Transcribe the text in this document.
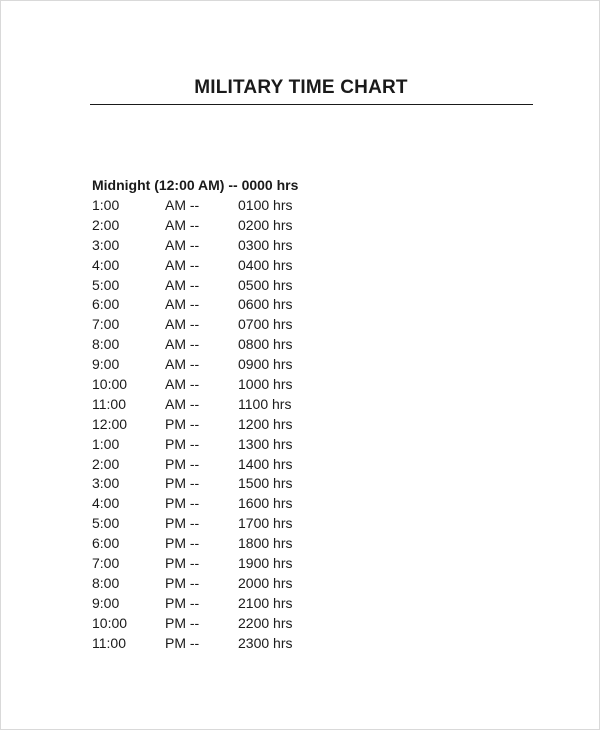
MILITARY TIME CHART
Midnight (12:00 AM) -- 0000 hrs
1:00	AM --	0100 hrs
2:00	AM --	0200 hrs
3:00	AM --	0300 hrs
4:00	AM --	0400 hrs
5:00	AM --	0500 hrs
6:00	AM --	0600 hrs
7:00	AM --	0700 hrs
8:00	AM --	0800 hrs
9:00	AM --	0900 hrs
10:00	AM --	1000 hrs
11:00	AM --	1100 hrs
12:00	PM --	1200 hrs
1:00	PM --	1300 hrs
2:00	PM --	1400 hrs
3:00	PM --	1500 hrs
4:00	PM --	1600 hrs
5:00	PM --	1700 hrs
6:00	PM --	1800 hrs
7:00	PM --	1900 hrs
8:00	PM --	2000 hrs
9:00	PM --	2100 hrs
10:00	PM --	2200 hrs
11:00	PM --	2300 hrs
